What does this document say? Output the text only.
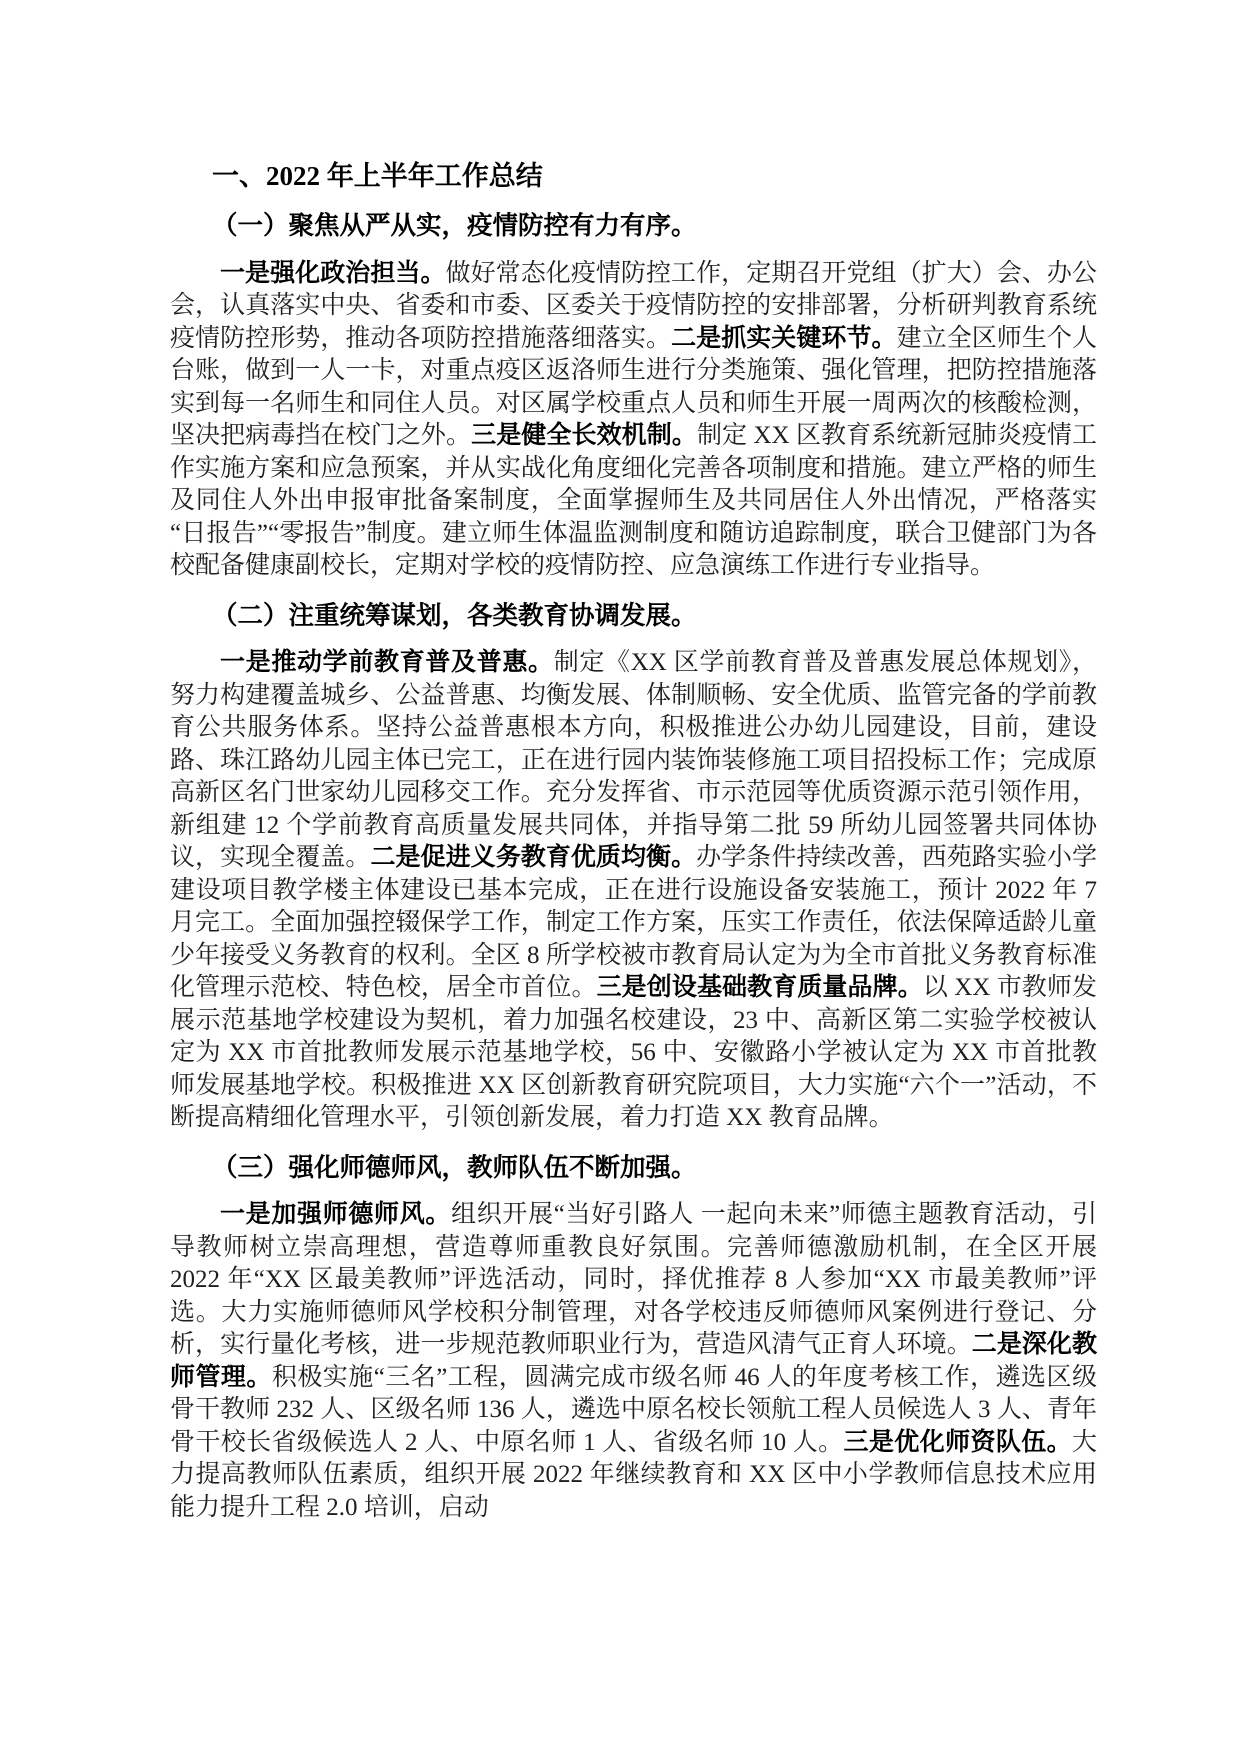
一、2022 年上半年工作总结
（一）聚焦从严从实，疫情防控有力有序。

一是强化政治担当。做好常态化疫情防控工作，定期召开党组（扩大）会、办公会，认真落实中央、省委和市委、区委关于疫情防控的安排部署，分析研判教育系统疫情防控形势，推动各项防控措施落细落实。二是抓实关键环节。建立全区师生个人台账，做到一人一卡，对重点疫区返洛师生进行分类施策、强化管理，把防控措施落实到每一名师生和同住人员。对区属学校重点人员和师生开展一周两次的核酸检测，坚决把病毒挡在校门之外。三是健全长效机制。制定 XX 区教育系统新冠肺炎疫情工作实施方案和应急预案，并从实战化角度细化完善各项制度和措施。建立严格的师生及同住人外出申报审批备案制度，全面掌握师生及共同居住人外出情况，严格落实“日报告”“零报告”制度。建立师生体温监测制度和随访追踪制度，联合卫健部门为各校配备健康副校长，定期对学校的疫情防控、应急演练工作进行专业指导。

（二）注重统筹谋划，各类教育协调发展。

一是推动学前教育普及普惠。制定《XX 区学前教育普及普惠发展总体规划》，努力构建覆盖城乡、公益普惠、均衡发展、体制顺畅、安全优质、监管完备的学前教育公共服务体系。坚持公益普惠根本方向，积极推进公办幼儿园建设，目前，建设路、珠江路幼儿园主体已完工，正在进行园内装饰装修施工项目招投标工作；完成原高新区名门世家幼儿园移交工作。充分发挥省、市示范园等优质资源示范引领作用，新组建 12 个学前教育高质量发展共同体，并指导第二批 59 所幼儿园签署共同体协议，实现全覆盖。二是促进义务教育优质均衡。办学条件持续改善，西苑路实验小学建设项目教学楼主体建设已基本完成，正在进行设施设备安装施工，预计 2022 年 7 月完工。全面加强控辍保学工作，制定工作方案，压实工作责任，依法保障适龄儿童少年接受义务教育的权利。全区 8 所学校被市教育局认定为为全市首批义务教育标准化管理示范校、特色校，居全市首位。三是创设基础教育质量品牌。以 XX 市教师发展示范基地学校建设为契机，着力加强名校建设，23 中、高新区第二实验学校被认定为 XX 市首批教师发展示范基地学校，56 中、安徽路小学被认定为 XX 市首批教师发展基地学校。积极推进 XX 区创新教育研究院项目，大力实施“六个一”活动，不断提高精细化管理水平，引领创新发展，着力打造 XX 教育品牌。

（三）强化师德师风，教师队伍不断加强。

一是加强师德师风。组织开展“当好引路人 一起向未来”师德主题教育活动，引导教师树立崇高理想，营造尊师重教良好氛围。完善师德激励机制，在全区开展 2022 年“XX 区最美教师”评选活动，同时，择优推荐 8 人参加“XX 市最美教师”评选。大力实施师德师风学校积分制管理，对各学校违反师德师风案例进行登记、分析，实行量化考核，进一步规范教师职业行为，营造风清气正育人环境。二是深化教师管理。积极实施“三名”工程，圆满完成市级名师 46 人的年度考核工作，遴选区级骨干教师 232 人、区级名师 136 人，遴选中原名校长领航工程人员候选人 3 人、青年骨干校长省级候选人 2 人、中原名师 1 人、省级名师 10 人。三是优化师资队伍。大力提高教师队伍素质，组织开展 2022 年继续教育和 XX 区中小学教师信息技术应用能力提升工程 2.0 培训，启动
